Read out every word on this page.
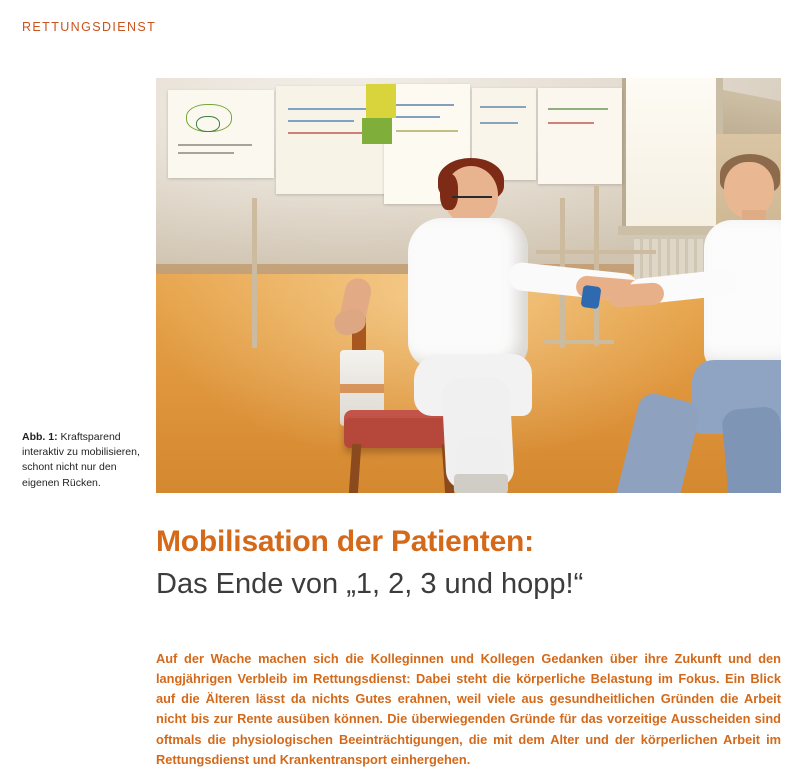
RETTUNGSDIENST
Abb. 1: Kraftsparend interaktiv zu mobilisieren, schont nicht nur den eigenen Rücken.
Mobilisation der Patienten:
Das Ende von „1, 2, 3 und hopp!“

Auf der Wache machen sich die Kolleginnen und Kollegen Gedanken über ihre Zukunft und den langjährigen Verbleib im Rettungsdienst: Dabei steht die körperliche Belastung im Fokus. Ein Blick auf die Älteren lässt da nichts Gutes erahnen, weil viele aus gesundheitlichen Gründen die Arbeit nicht bis zur Rente ausüben können. Die überwiegenden Gründe für das vorzeitige Ausscheiden sind oftmals die physiologischen Beeinträchtigungen, die mit dem Alter und der körperlichen Arbeit im Rettungsdienst und Krankentransport einhergehen.
